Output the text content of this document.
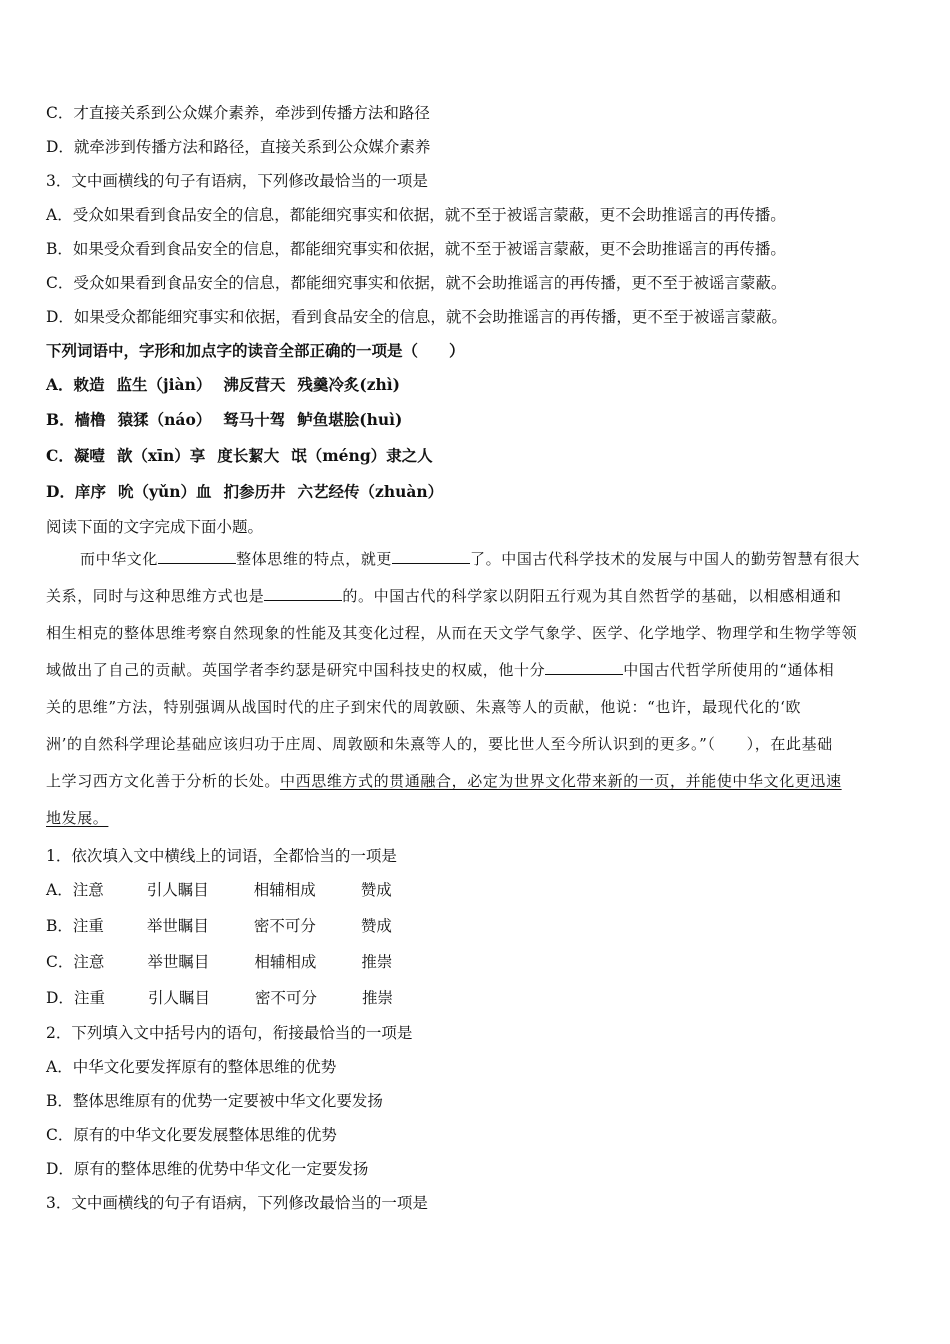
C．才直接关系到公众媒介素养，牵涉到传播方法和路径
D．就牵涉到传播方法和路径，直接关系到公众媒介素养
3．文中画横线的句子有语病，下列修改最恰当的一项是
A．受众如果看到食品安全的信息，都能细究事实和依据，就不至于被谣言蒙蔽，更不会助推谣言的再传播。
B．如果受众看到食品安全的信息，都能细究事实和依据，就不至于被谣言蒙蔽，更不会助推谣言的再传播。
C．受众如果看到食品安全的信息，都能细究事实和依据，就不会助推谣言的再传播，更不至于被谣言蒙蔽。
D．如果受众都能细究事实和依据，看到食品安全的信息，就不会助推谣言的再传播，更不至于被谣言蒙蔽。
下列词语中，字形和加点字的读音全部正确的一项是（　　）
A．敕造 监生（jiàn） 沸反营天 残羹冷炙(zhì)
B．樯橹 猿猱（náo） 驽马十驾 鲈鱼堪脍(huì)
C．凝噎 歆（xīn）享 度长絜大 氓（méng）隶之人
D．庠序 吮（yǔn）血 扪参历井 六艺经传（zhuàn）
阅读下面的文字完成下面小题。
而中华文化	整体思维的特点，就更	了。中国古代科学技术的发展与中国人的勤劳智慧有很大
关系，同时与这种思维方式也是	的。中国古代的科学家以阴阳五行观为其自然哲学的基础，以相感相通和
相生相克的整体思维考察自然现象的性能及其变化过程，从而在天文学气象学、医学、化学地学、物理学和生物学等领
域做出了自己的贡献。英国学者李约瑟是研究中国科技史的权威，他十分	中国古代哲学所使用的“通体相
关的思维”方法，特别强调从战国时代的庄子到宋代的周敦颐、朱熹等人的贡献，他说：“也许，最现代化的‘欧
洲’的自然科学理论基础应该归功于庄周、周敦颐和朱熹等人的，要比世人至今所认识到的更多。”（　　），在此基础
上学习西方文化善于分析的长处。中西思维方式的贯通融合，必定为世界文化带来新的一页，并能使中华文化更迅速
地发展。
1．依次填入文中横线上的词语，全都恰当的一项是
A．注意	引人瞩目	相辅相成	赞成
B．注重	举世瞩目	密不可分	赞成
C．注意	举世瞩目	相辅相成	推崇
D．注重	引人瞩目	密不可分	推崇
2．下列填入文中括号内的语句，衔接最恰当的一项是
A．中华文化要发挥原有的整体思维的优势
B．整体思维原有的优势一定要被中华文化要发扬
C．原有的中华文化要发展整体思维的优势
D．原有的整体思维的优势中华文化一定要发扬
3．文中画横线的句子有语病，下列修改最恰当的一项是
